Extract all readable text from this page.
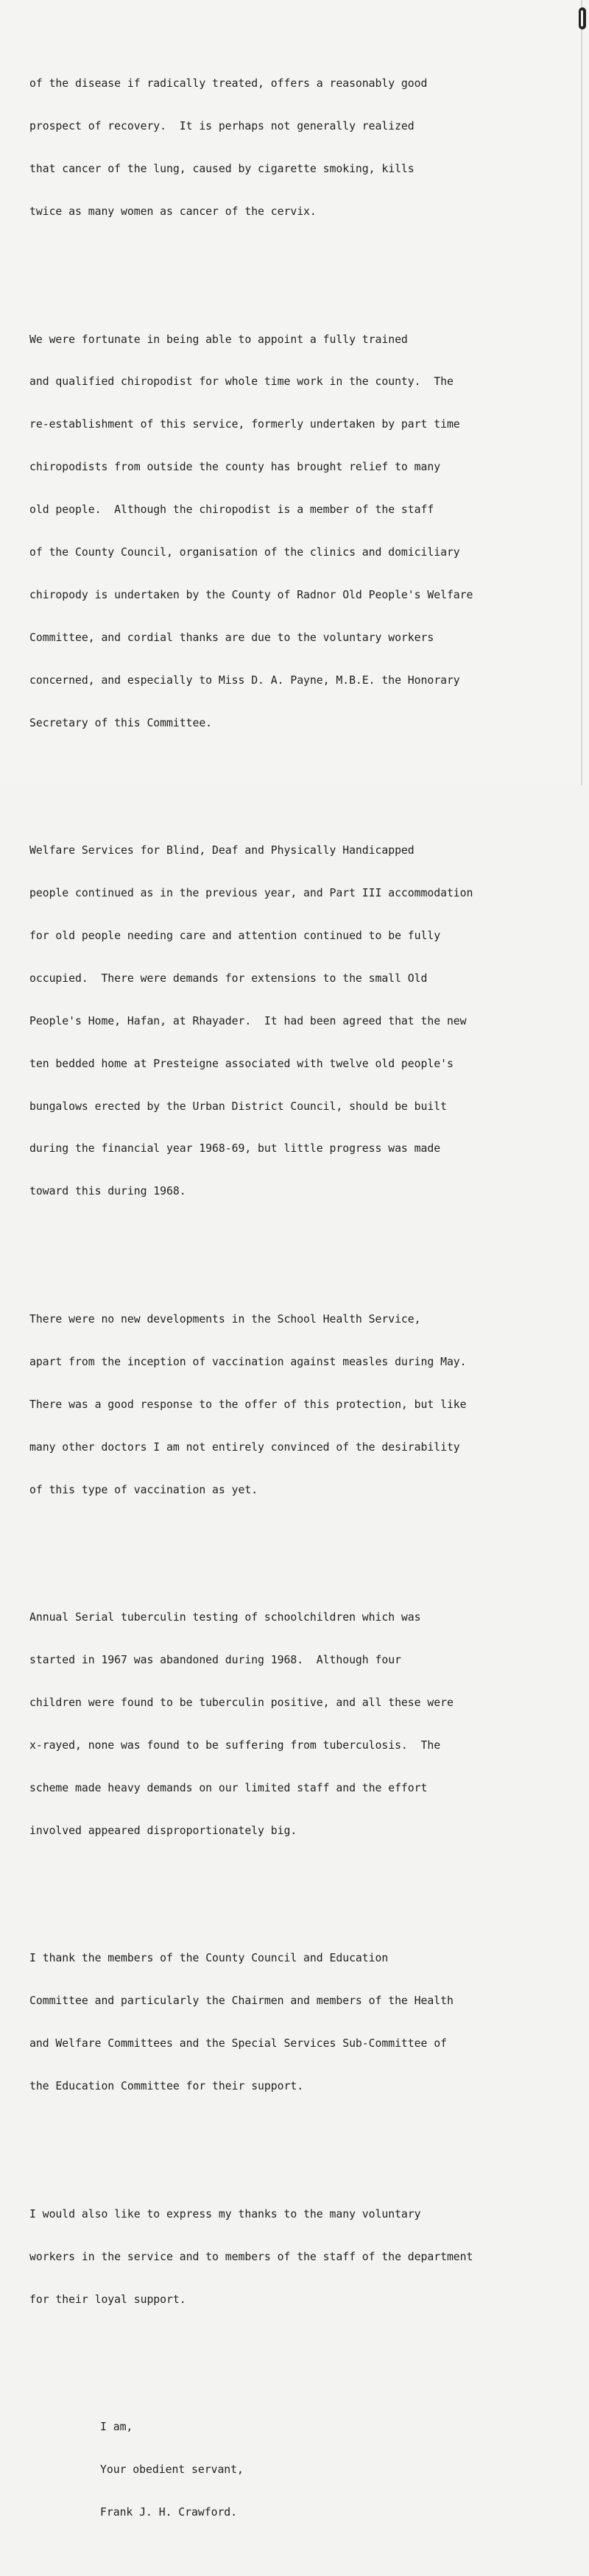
of the disease if radically treated, offers a reasonably good

prospect of recovery.  It is perhaps not generally realized

that cancer of the lung, caused by cigarette smoking, kills

twice as many women as cancer of the cervix.

We were fortunate in being able to appoint a fully trained

and qualified chiropodist for whole time work in the county.  The

re-establishment of this service, formerly undertaken by part time

chiropodists from outside the county has brought relief to many

old people.  Although the chiropodist is a member of the staff

of the County Council, organisation of the clinics and domiciliary

chiropody is undertaken by the County of Radnor Old People's Welfare

Committee, and cordial thanks are due to the voluntary workers

concerned, and especially to Miss D. A. Payne, M.B.E. the Honorary

Secretary of this Committee.

Welfare Services for Blind, Deaf and Physically Handicapped

people continued as in the previous year, and Part III accommodation

for old people needing care and attention continued to be fully

occupied.  There were demands for extensions to the small Old

People's Home, Hafan, at Rhayader.  It had been agreed that the new

ten bedded home at Presteigne associated with twelve old people's

bungalows erected by the Urban District Council, should be built

during the financial year 1968-69, but little progress was made

toward this during 1968.

There were no new developments in the School Health Service,

apart from the inception of vaccination against measles during May.

There was a good response to the offer of this protection, but like

many other doctors I am not entirely convinced of the desirability

of this type of vaccination as yet.

Annual Serial tuberculin testing of schoolchildren which was

started in 1967 was abandoned during 1968.  Although four

children were found to be tuberculin positive, and all these were

x-rayed, none was found to be suffering from tuberculosis.  The

scheme made heavy demands on our limited staff and the effort

involved appeared disproportionately big.

I thank the members of the County Council and Education

Committee and particularly the Chairmen and members of the Health

and Welfare Committees and the Special Services Sub-Committee of

the Education Committee for their support.

I would also like to express my thanks to the many voluntary

workers in the service and to members of the staff of the department

for their loyal support.

I am,

Your obedient servant,

Frank J. H. Crawford.
